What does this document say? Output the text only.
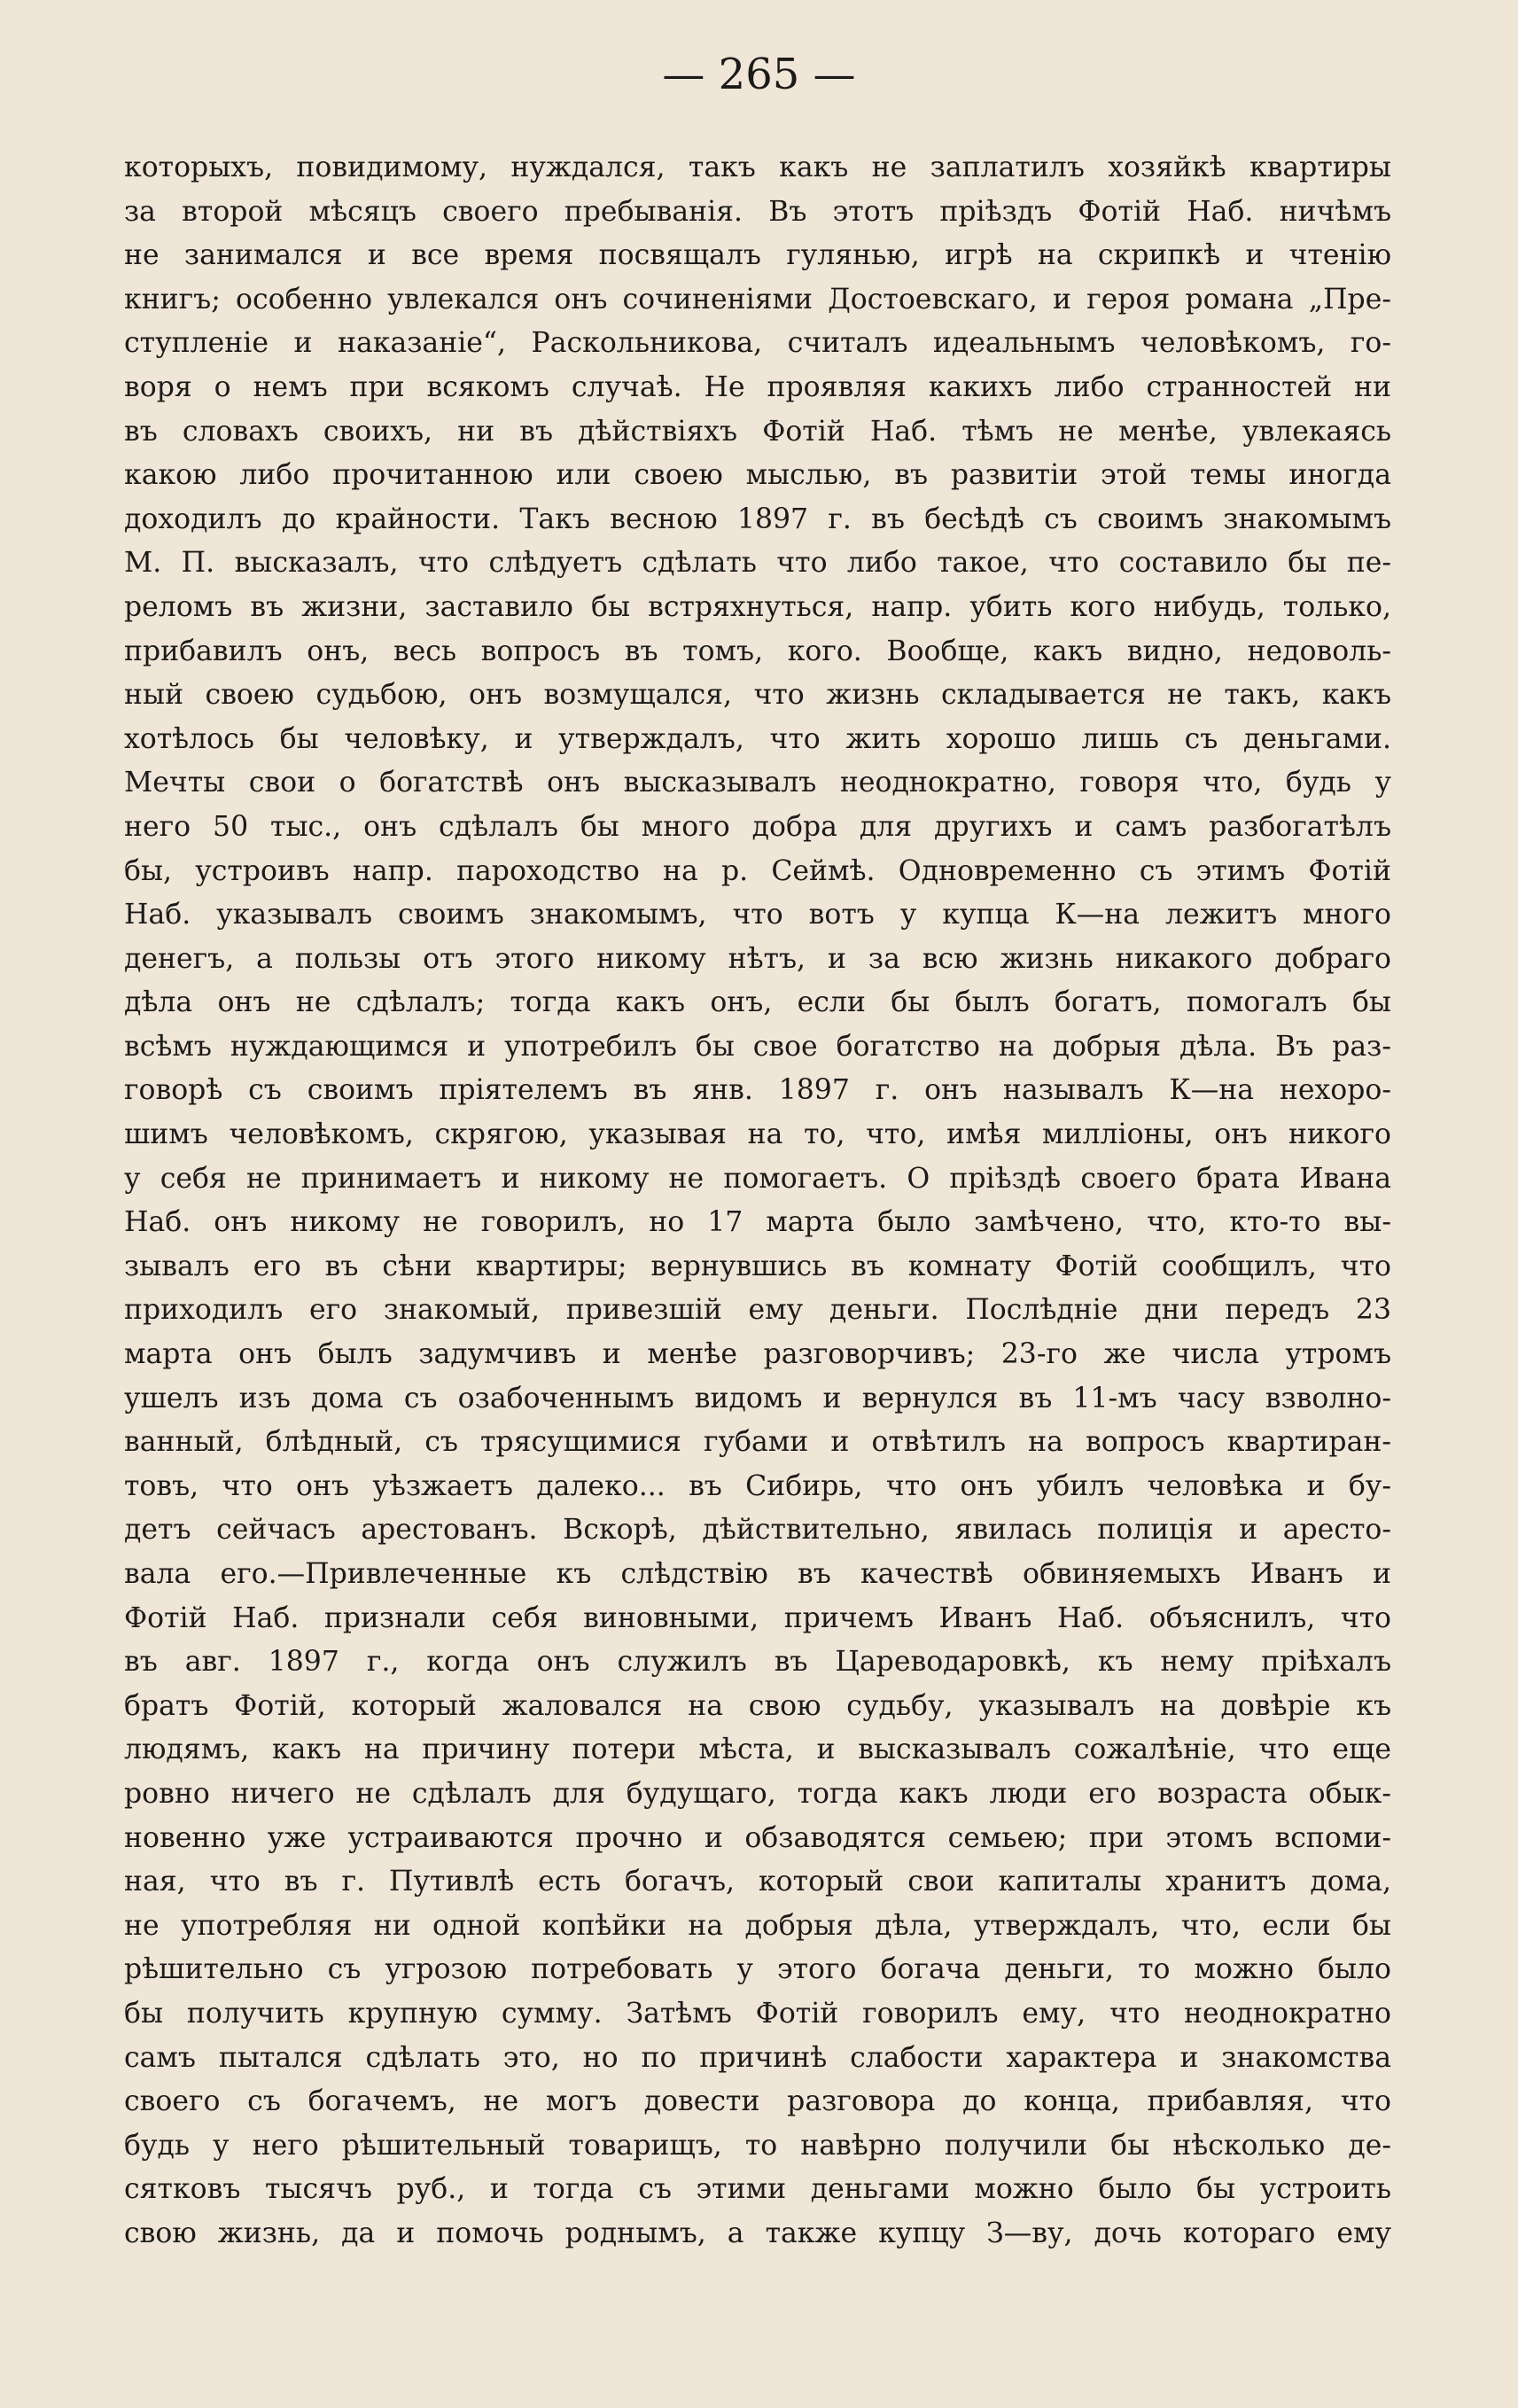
— 265 —
которыхъ, повидимому, нуждался, такъ какъ не заплатилъ хозяйкѣ квартиры
за второй мѣсяцъ своего пребыванія. Въ этотъ пріѣздъ Фотій Наб. ничѣмъ
не занимался и все время посвящалъ гулянью, игрѣ на скрипкѣ и чтенію
книгъ; особенно увлекался онъ сочиненіями Достоевскаго, и героя романа „Пре-
ступленіе и наказаніе“, Раскольникова, считалъ идеальнымъ человѣкомъ, го-
воря о немъ при всякомъ случаѣ. Не проявляя какихъ либо странностей ни
въ словахъ своихъ, ни въ дѣйствіяхъ Фотій Наб. тѣмъ не менѣе, увлекаясь
какою либо прочитанною или своею мыслью, въ развитіи этой темы иногда
доходилъ до крайности. Такъ весною 1897 г. въ бесѣдѣ съ своимъ знакомымъ
М. П. высказалъ, что слѣдуетъ сдѣлать что либо такое, что составило бы пе-
реломъ въ жизни, заставило бы встряхнуться, напр. убить кого нибудь, только,
прибавилъ онъ, весь вопросъ въ томъ, кого. Вообще, какъ видно, недоволь-
ный своею судьбою, онъ возмущался, что жизнь складывается не такъ, какъ
хотѣлось бы человѣку, и утверждалъ, что жить хорошо лишь съ деньгами.
Мечты свои о богатствѣ онъ высказывалъ неоднократно, говоря что, будь у
него 50 тыс., онъ сдѣлалъ бы много добра для другихъ и самъ разбогатѣлъ
бы, устроивъ напр. пароходство на р. Сеймѣ. Одновременно съ этимъ Фотій
Наб. указывалъ своимъ знакомымъ, что вотъ у купца К—на лежитъ много
денегъ, а пользы отъ этого никому нѣтъ, и за всю жизнь никакого добраго
дѣла онъ не сдѣлалъ; тогда какъ онъ, если бы былъ богатъ, помогалъ бы
всѣмъ нуждающимся и употребилъ бы свое богатство на добрыя дѣла. Въ раз-
говорѣ съ своимъ пріятелемъ въ янв. 1897 г. онъ называлъ К—на нехоро-
шимъ человѣкомъ, скрягою, указывая на то, что, имѣя милліоны, онъ никого
у себя не принимаетъ и никому не помогаетъ. О пріѣздѣ своего брата Ивана
Наб. онъ никому не говорилъ, но 17 марта было замѣчено, что, кто-то вы-
зывалъ его въ сѣни квартиры; вернувшись въ комнату Фотій сообщилъ, что
приходилъ его знакомый, привезшій ему деньги. Послѣдніе дни передъ 23
марта онъ былъ задумчивъ и менѣе разговорчивъ; 23-го же числа утромъ
ушелъ изъ дома съ озабоченнымъ видомъ и вернулся въ 11-мъ часу взволно-
ванный, блѣдный, съ трясущимися губами и отвѣтилъ на вопросъ квартиран-
товъ, что онъ уѣзжаетъ далеко... въ Сибирь, что онъ убилъ человѣка и бу-
детъ сейчасъ арестованъ. Вскорѣ, дѣйствительно, явилась полиція и аресто-
вала его.—Привлеченные къ слѣдствію въ качествѣ обвиняемыхъ Иванъ и
Фотій Наб. признали себя виновными, причемъ Иванъ Наб. объяснилъ, что
въ авг. 1897 г., когда онъ служилъ въ Царeводаровкѣ, къ нему пріѣхалъ
братъ Фотій, который жаловался на свою судьбу, указывалъ на довѣріе къ
людямъ, какъ на причину потери мѣста, и высказывалъ сожалѣніе, что еще
ровно ничего не сдѣлалъ для будущаго, тогда какъ люди его возраста обык-
новенно уже устраиваются прочно и обзаводятся семьею; при этомъ вспоми-
ная, что въ г. Путивлѣ есть богачъ, который свои капиталы хранитъ дома,
не употребляя ни одной копѣйки на добрыя дѣла, утверждалъ, что, если бы
рѣшительно съ угрозою потребовать у этого богача деньги, то можно было
бы получить крупную сумму. Затѣмъ Фотій говорилъ ему, что неоднократно
самъ пытался сдѣлать это, но по причинѣ слабости характера и знакомства
своего съ богачемъ, не могъ довести разговора до конца, прибавляя, что
будь у него рѣшительный товарищъ, то навѣрно получили бы нѣсколько де-
сятковъ тысячъ руб., и тогда съ этими деньгами можно было бы устроить
свою жизнь, да и помочь роднымъ, а также купцу З—ву, дочь котораго ему
